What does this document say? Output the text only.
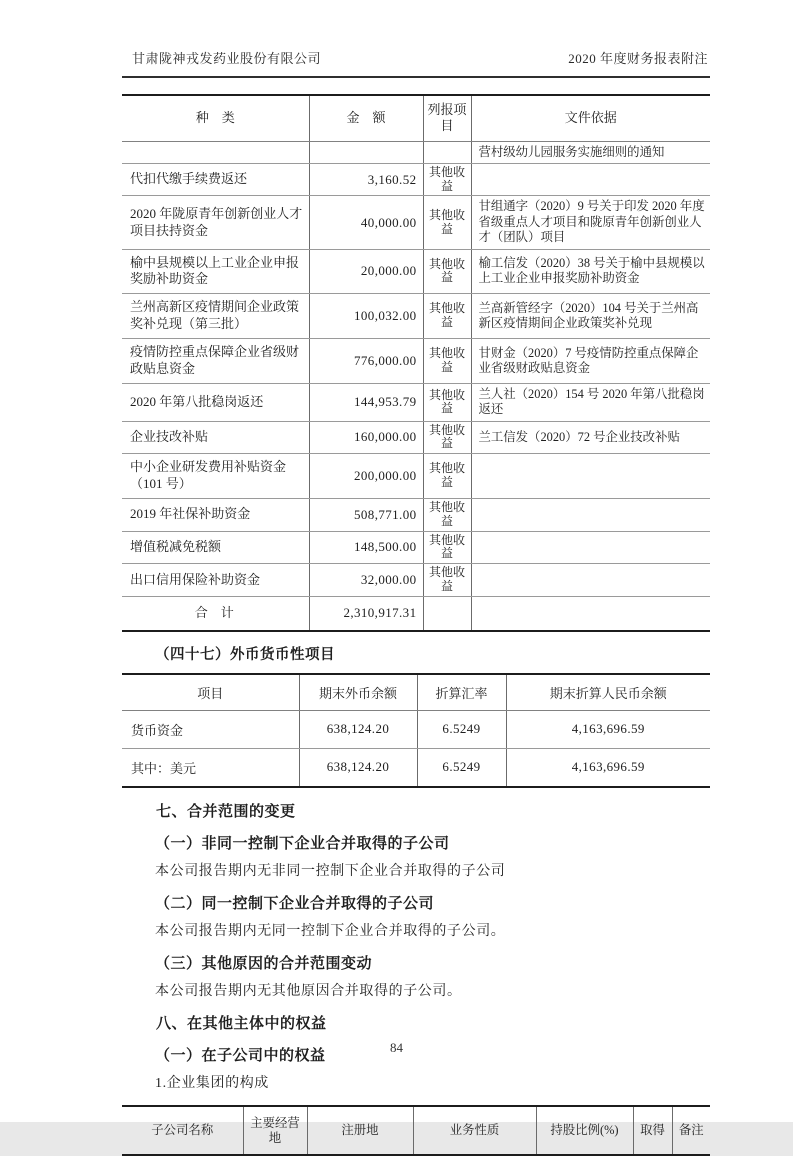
甘肃陇神戎发药业股份有限公司	2020 年度财务报表附注
种　类	金　额	列报项目	文件依据
			营村级幼儿园服务实施细则的通知
代扣代缴手续费返还	3,160.52	其他收益	
2020 年陇原青年创新创业人才项目扶持资金	40,000.00	其他收益	甘组通字（2020）9 号关于印发 2020 年度省级重点人才项目和陇原青年创新创业人才（团队）项目
榆中县规模以上工业企业申报奖励补助资金	20,000.00	其他收益	榆工信发（2020）38 号关于榆中县规模以上工业企业申报奖励补助资金
兰州高新区疫情期间企业政策奖补兑现（第三批）	100,032.00	其他收益	兰高新管经字（2020）104 号关于兰州高新区疫情期间企业政策奖补兑现
疫情防控重点保障企业省级财政贴息资金	776,000.00	其他收益	甘财金（2020）7 号疫情防控重点保障企业省级财政贴息资金
2020 年第八批稳岗返还	144,953.79	其他收益	兰人社（2020）154 号 2020 年第八批稳岗返还
企业技改补贴	160,000.00	其他收益	兰工信发（2020）72 号企业技改补贴
中小企业研发费用补贴资金（101 号）	200,000.00	其他收益	
2019 年社保补助资金	508,771.00	其他收益	
增值税减免税额	148,500.00	其他收益	
出口信用保险补助资金	32,000.00	其他收益	
合　计	2,310,917.31		
（四十七）外币货币性项目
项目	期末外币余额	折算汇率	期末折算人民币余额
货币资金	638,124.20	6.5249	4,163,696.59
其中：美元	638,124.20	6.5249	4,163,696.59
七、合并范围的变更
（一）非同一控制下企业合并取得的子公司
本公司报告期内无非同一控制下企业合并取得的子公司
（二）同一控制下企业合并取得的子公司
本公司报告期内无同一控制下企业合并取得的子公司。
（三）其他原因的合并范围变动
本公司报告期内无其他原因合并取得的子公司。
八、在其他主体中的权益
（一）在子公司中的权益
1.企业集团的构成
子公司名称	主要经营地	注册地	业务性质	持股比例(%)	取得	备注
84
